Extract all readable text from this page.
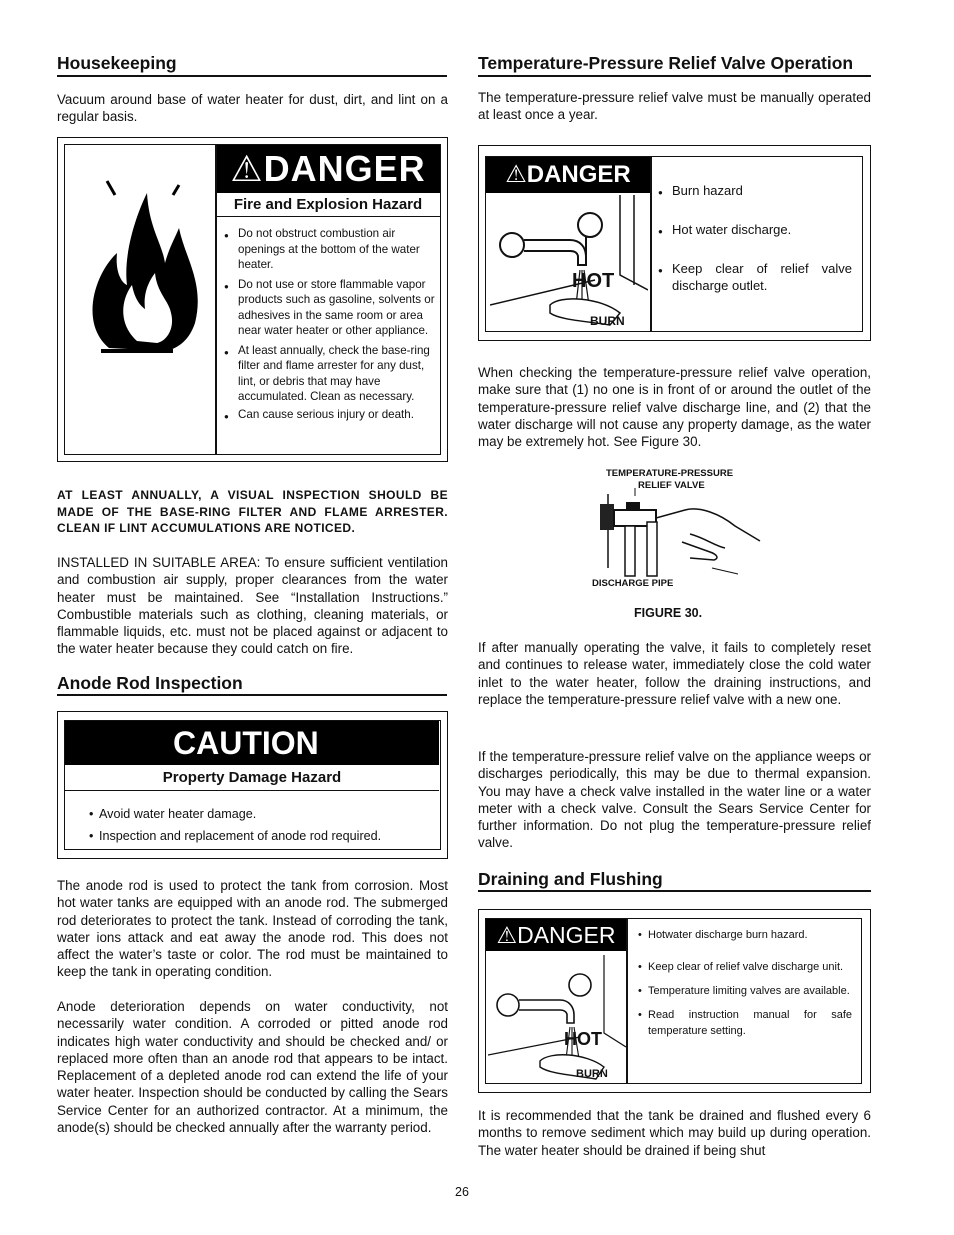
Housekeeping

Vacuum around base of water heater for dust, dirt, and lint on a regular basis.

⚠DANGER
Fire and Explosion Hazard
● Do not obstruct combustion air openings at the bottom of the water heater.
● Do not use or store flammable vapor products such as gasoline, solvents or adhesives in the same room or area near water heater or other appliance.
● At least annually, check the base-ring filter and flame arrester for any dust, lint, or debris that may have accumulated. Clean as necessary.
● Can cause serious injury or death.

AT LEAST ANNUALLY, A VISUAL INSPECTION SHOULD BE MADE OF THE BASE-RING FILTER AND FLAME ARRESTER. CLEAN IF LINT ACCUMULATIONS ARE NOTICED.

INSTALLED IN SUITABLE AREA: To ensure sufficient ventilation and combustion air supply, proper clearances from the water heater must be maintained. See “Installation Instructions.” Combustible materials such as clothing, cleaning materials, or flammable liquids, etc. must not be placed against or adjacent to the water heater because they could catch on fire.

Anode Rod Inspection
CAUTION
Property Damage Hazard
• Avoid water heater damage.
• Inspection and replacement of anode rod required.

The anode rod is used to protect the tank from corrosion. Most hot water tanks are equipped with an anode rod. The submerged rod deteriorates to protect the tank. Instead of corroding the tank, water ions attack and eat away the anode rod. This does not affect the water’s taste or color. The rod must be maintained to keep the tank in operating condition.

Anode deterioration depends on water conductivity, not necessarily water condition. A corroded or pitted anode rod indicates high water conductivity and should be checked and/ or replaced more often than an anode rod that appears to be intact. Replacement of a depleted anode rod can extend the life of your water heater. Inspection should be conducted by calling the Sears Service Center for an authorized contractor. At a minimum, the anode(s) should be checked annually after the warranty period.

Temperature-Pressure Relief Valve Operation

The temperature-pressure relief valve must be manually operated at least once a year.

⚠DANGER
HOT
BURN
● Burn hazard
● Hot water discharge.
● Keep clear of relief valve discharge outlet.

When checking the temperature-pressure relief valve operation, make sure that (1) no one is in front of or around the outlet of the temperature-pressure relief valve discharge line, and (2) that the water discharge will not cause any property damage, as the water may be extremely hot. See Figure 30.

TEMPERATURE-PRESSURE
RELIEF VALVE
DISCHARGE PIPE
FIGURE 30.

If after manually operating the valve, it fails to completely reset and continues to release water, immediately close the cold water inlet to the water heater, follow the draining instructions, and replace the temperature-pressure relief valve with a new one.

If the temperature-pressure relief valve on the appliance weeps or discharges periodically, this may be due to thermal expansion. You may have a check valve installed in the water line or a water meter with a check valve. Consult the Sears Service Center for further information. Do not plug the temperature-pressure relief valve.

Draining and Flushing
⚠DANGER
HOT
BURN
• Hotwater discharge burn hazard.
• Keep clear of relief valve discharge unit.
• Temperature limiting valves are available.
• Read instruction manual for safe temperature setting.

It is recommended that the tank be drained and flushed every 6 months to remove sediment which may build up during operation. The water heater should be drained if being shut

26
